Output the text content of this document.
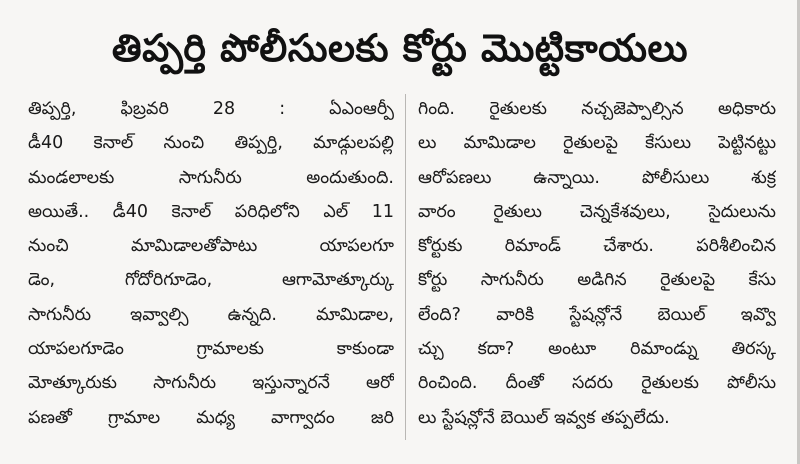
తిప్పర్తి పోలీసులకు కోర్టు మొట్టికాయలు
తిప్పర్తి, ఫిబ్రవరి 28 : ఏఎంఆర్పీ
డీ40 కెనాల్ నుంచి తిప్పర్తి, మాడ్గులపల్లి
మండలాలకు సాగునీరు అందుతుంది.
అయితే.. డీ40 కెనాల్ పరిధిలోని ఎల్ 11
నుంచి మామిడాలతోపాటు యాపలగూ
డెం, గోదోరిగూడెం, ఆగామోత్కూర్కు
సాగునీరు ఇవ్వాల్సి ఉన్నది. మామిడాల,
యాపలగూడెం గ్రామాలకు కాకుండా
మోత్కూరుకు సాగునీరు ఇస్తున్నారనే ఆరో
పణతో గ్రామాల మధ్య వాగ్వాదం జరి
గింది. రైతులకు నచ్చజెప్పాల్సిన అధికారు
లు మామిడాల రైతులపై కేసులు పెట్టినట్టు
ఆరోపణలు ఉన్నాయి. పోలీసులు శుక్ర
వారం రైతులు చెన్నకేశవులు, సైదులును
కోర్టుకు రిమాండ్ చేశారు. పరిశీలించిన
కోర్టు సాగునీరు అడిగిన రైతులపై కేసు
లేంది? వారికి స్టేషన్లోనే బెయిల్ ఇవ్వొ
చ్చు కదా? అంటూ రిమాండ్ను తిరస్క
రించింది. దీంతో సదరు రైతులకు పోలీసు
లు స్టేషన్లోనే బెయిల్ ఇవ్వక తప్పలేదు.
